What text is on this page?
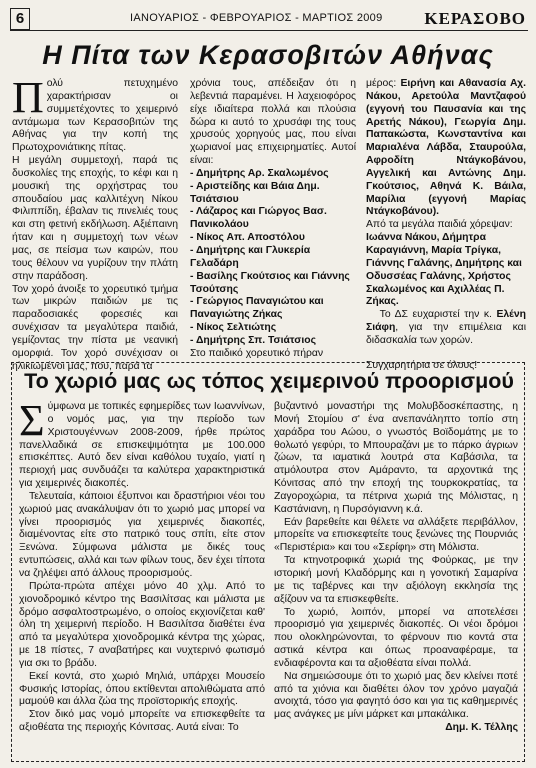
6	ΙΑΝΟΥΑΡΙΟΣ - ΦΕΒΡΟΥΑΡΙΟΣ - ΜΑΡΤΙΟΣ 2009 ΚΕΡΑΣΟΒΟ
Η Πίτα των Κερασοβιτών Αθήνας

Πολύ πετυχημένο χαρακτήρισαν οι συμμετέχοντες το χειμερινό αντάμωμα των Κερασοβιτών της Αθήνας για την κοπή της Πρωτοχρονιάτικης πίτας.

Η μεγάλη συμμετοχή, παρά τις δυσκολίες της εποχής, το κέφι και η μουσική της ορχήστρας του σπουδαίου μας καλλιτέχνη Νίκου Φιλιππίδη, έβαλαν τις πινελιές τους και στη φετινή εκδήλωση. Αξιέπαινη ήταν και η συμμετοχή των νέων μας, σε πείσμα των καιρών, που τους θέλουν να γυρίζουν την πλάτη στην παράδοση.

Τον χορό άνοιξε το χορευτικό τμήμα των μικρών παιδιών με τις παραδοσιακές φορεσιές και συνέχισαν τα μεγαλύτερα παιδιά, γεμίζοντας την πίστα με νεανική ομορφιά. Τον χορό συνέχισαν οι ηλικιωμένοι μας, που, παρά τα

χρόνια τους, απέδειξαν ότι η λεβεντιά παραμένει. Η λαχειοφόρος είχε ιδιαίτερα πολλά και πλούσια δώρα κι αυτό το χρυσάφι της τους χρυσούς χορηγούς μας, που είναι χωριανοί μας επιχειρηματίες. Αυτοί είναι:

- Δημήτρης Αρ. Σκαλωμένος

- Αριστείδης και Βάια Δημ. Τσιάτσιου

- Λάζαρος και Γιώργος Βασ. Πανικολάου

- Νίκος Απ. Αποστόλου

- Δημήτρης και Γλυκερία Γελαδάρη

- Βασίλης Γκούτσιος και Γιάννης Τσούτσης

- Γεώργιος Παναγιώτου και Παναγιώτης Ζήκας

- Νίκος Σελτιώτης

- Δημήτρης Σπ. Τσιάτσιος

Στο παιδικό χορευτικό πήραν

μέρος: Ειρήνη και Αθανασία Αχ. Νάκου, Αρετούλα Μαντζαφού (εγγονή του Παυσανία και της Αρετής Νάκου), Γεωργία Δημ. Παπακώστα, Κωνσταντίνα και Μαριαλένα Λάβδα, Σταυρούλα, Αφροδίτη Ντάγκοβάνου, Αγγελική και Αντώνης Δημ. Γκούτσιος, Αθηνά Κ. Βάιλα, Μαρίλια (εγγονή Μαρίας Ντάγκοβάνου).

Από τα μεγάλα παιδιά χόρεψαν:

Ιωάννα Νάκου, Δήμητρα Καραγιάννη, Μαρία Τρίγκα, Γιάννης Γαλάνης, Δημήτρης και Οδυσσέας Γαλάνης, Χρήστος Σκαλωμένος και Αχιλλέας Π. Ζήκας.

Το ΔΣ ευχαριστεί την κ. Ελένη Σιάφη, για την επιμέλεια και διδασκαλία των χορών.

Συγχαρητήρια σε όλους!

Το χωριό μας ως τόπος χειμερινού προορισμού

Σύμφωνα με τοπικές εφημερίδες των Ιωαννίνων, ο νομός μας, για την περίοδο των Χριστουγέννων 2008-2009, ήρθε πρώτος πανελλαδικά σε επισκεψιμότητα με 100.000 επισκέπτες. Αυτό δεν είναι καθόλου τυχαίο, γιατί η περιοχή μας συνδυάζει τα καλύτερα χαρακτηριστικά για χειμερινές διακοπές.

Τελευταία, κάποιοι έξυπνοι και δραστήριοι νέοι του χωριού μας ανακάλυψαν ότι το χωριό μας μπορεί να γίνει προορισμός για χειμερινές διακοπές, διαμένοντας είτε στο πατρικό τους σπίτι, είτε στον Ξενώνα. Σύμφωνα μάλιστα με δικές τους εντυπώσεις, αλλά και των φίλων τους, δεν έχει τίποτα να ζηλέψει από άλλους προορισμούς.

Πρώτα-πρώτα απέχει μόνο 40 χλμ. Από το χιονοδρομικό κέντρο της Βασιλίτσας και μάλιστα με δρόμο ασφαλτοστρωμένο, ο οποίος εκχιονίζεται καθ' όλη τη χειμερινή περίοδο. Η Βασιλίτσα διαθέτει ένα από τα μεγαλύτερα χιονοδρομικά κέντρα της χώρας, με 18 πίστες, 7 αναβατήρες και νυχτερινό φωτισμό για σκι το βράδυ.

Εκεί κοντά, στο χωριό Μηλιά, υπάρχει Μουσείο Φυσικής Ιστορίας, όπου εκτίθενται απολιθώματα από μαμούθ και άλλα ζώα της προϊστορικής εποχής.

Στον δικό μας νομό μπορείτε να επισκεφθείτε τα αξιοθέατα της περιοχής Κόνιτσας. Αυτά είναι: Το

βυζαντινό μοναστήρι της Μολυβδοσκέπαστης, η Μονή Στομίου σ' ένα ανεπανάληπτο τοπίο στη χαράδρα του Αώου, ο γνωστός Βοϊδομάτης με το θολωτό γεφύρι, το Μπουραζάνι με το πάρκο άγριων ζώων, τα ιαματικά λουτρά στα Καβάσιλα, τα ατμόλουτρα στον Αμάραντο, τα αρχοντικά της Κόνιτσας από την εποχή της τουρκοκρατίας, τα Ζαγοροχώρια, τα πέτρινα χωριά της Μόλιστας, η Καστάνιανη, η Πυρσόγιαννη κ.ά.

Εάν βαρεθείτε και θέλετε να αλλάξετε περιβάλλον, μπορείτε να επισκεφτείτε τους ξενώνες της Πουρνιάς «Περιστέρια» και του «Σερίφη» στη Μόλιστα.

Τα κτηνοτροφικά χωριά της Φούρκας, με την ιστορική μονή Κλαδόρμης και η γονοτική Σαμαρίνα με τις ταβέρνες και την αξιόλογη εκκλησία της αξίζουν να τα επισκεφθείτε.

Το χωριό, λοιπόν, μπορεί να αποτελέσει προορισμό για χειμερινές διακοπές. Οι νέοι δρόμοι που ολοκληρώνονται, το φέρνουν πιο κοντά στα αστικά κέντρα και όπως προαναφέραμε, τα ενδιαφέροντα και τα αξιοθέατα είναι πολλά.

Να σημειώσουμε ότι το χωριό μας δεν κλείνει ποτέ από τα χιόνια και διαθέτει όλον τον χρόνο μαγαζιά ανοιχτά, τόσο για φαγητό όσο και για τις καθημερινές μας ανάγκες με μίνι μάρκετ και μπακάλικα.

Δημ. Κ. Τέλλης
